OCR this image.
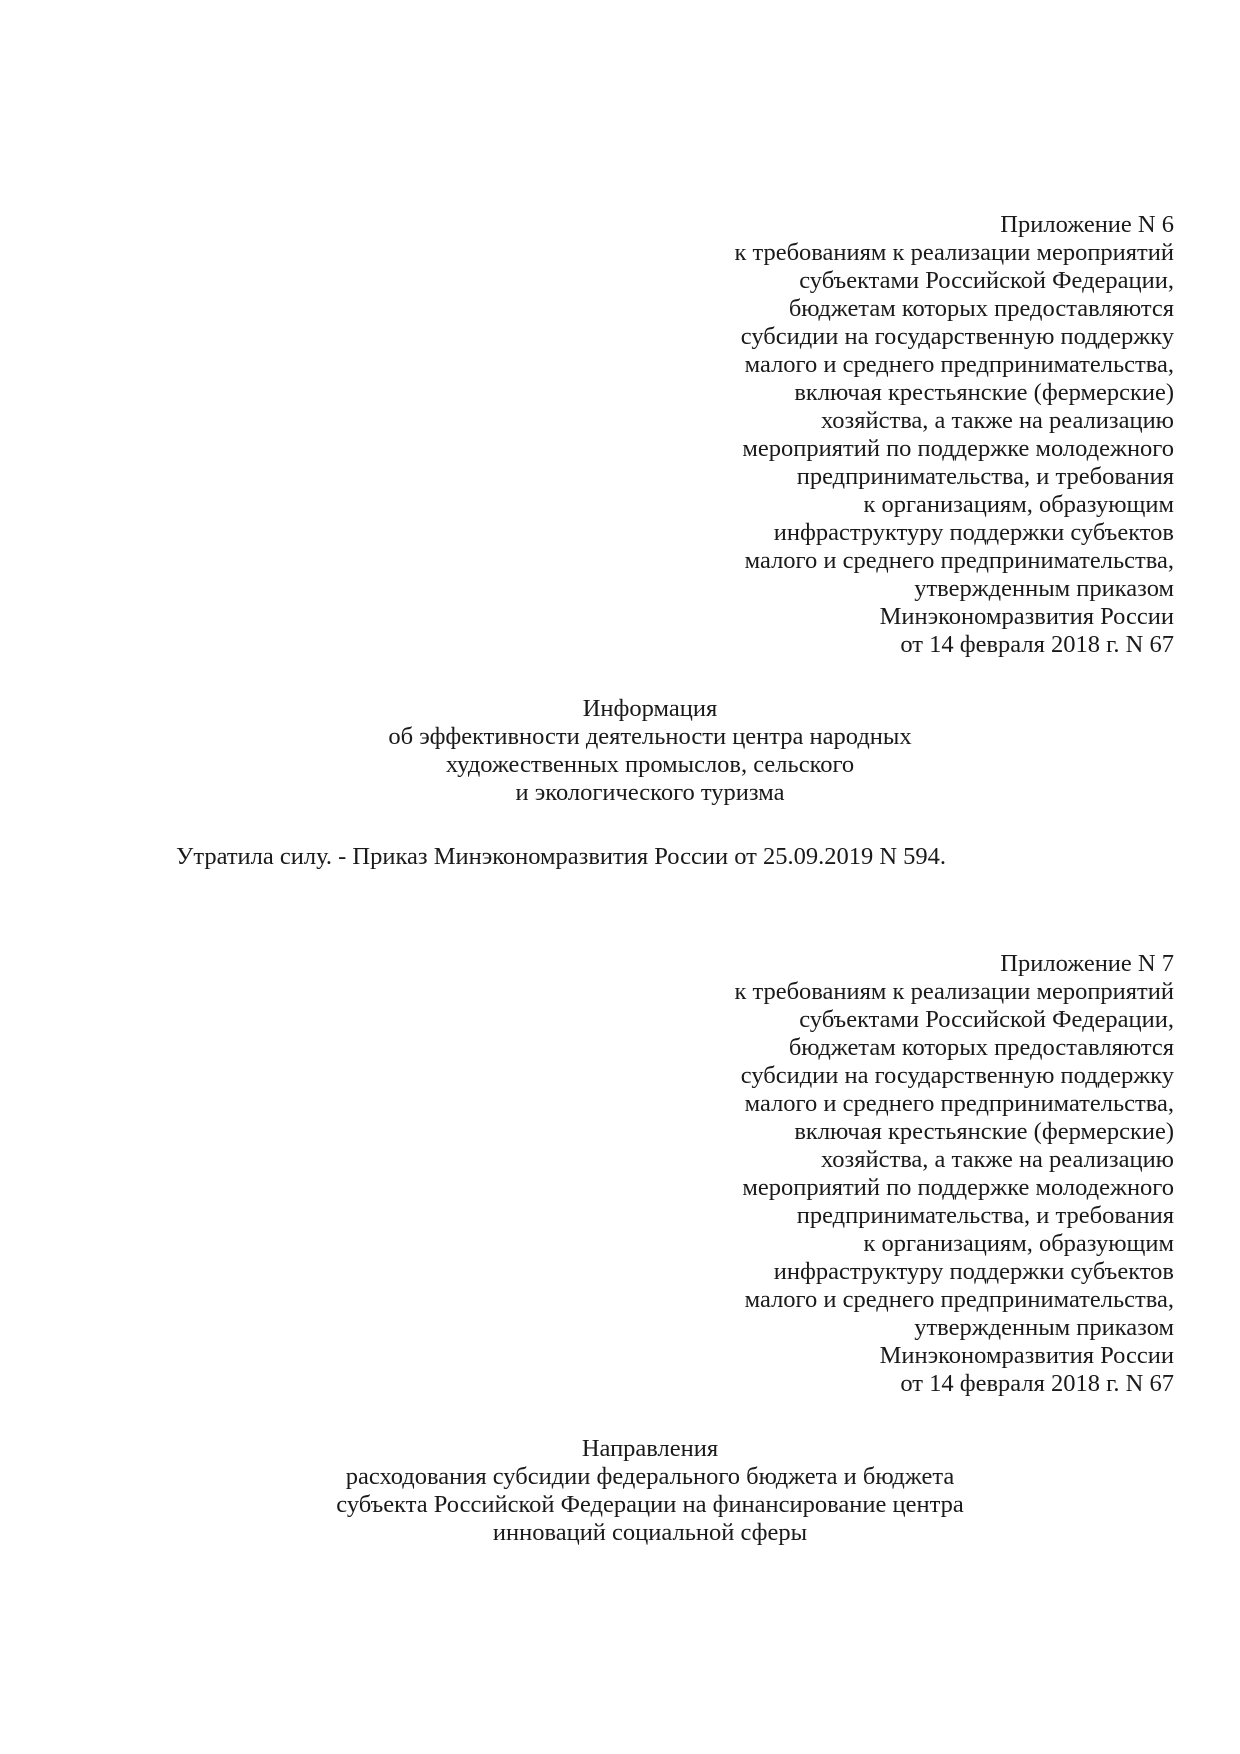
Приложение N 6
к требованиям к реализации мероприятий
субъектами Российской Федерации,
бюджетам которых предоставляются
субсидии на государственную поддержку
малого и среднего предпринимательства,
включая крестьянские (фермерские)
хозяйства, а также на реализацию
мероприятий по поддержке молодежного
предпринимательства, и требования
к организациям, образующим
инфраструктуру поддержки субъектов
малого и среднего предпринимательства,
утвержденным приказом
Минэкономразвития России
от 14 февраля 2018 г. N 67
Информация
об эффективности деятельности центра народных
художественных промыслов, сельского
и экологического туризма
Утратила силу. - Приказ Минэкономразвития России от 25.09.2019 N 594.
Приложение N 7
к требованиям к реализации мероприятий
субъектами Российской Федерации,
бюджетам которых предоставляются
субсидии на государственную поддержку
малого и среднего предпринимательства,
включая крестьянские (фермерские)
хозяйства, а также на реализацию
мероприятий по поддержке молодежного
предпринимательства, и требования
к организациям, образующим
инфраструктуру поддержки субъектов
малого и среднего предпринимательства,
утвержденным приказом
Минэкономразвития России
от 14 февраля 2018 г. N 67
Направления
расходования субсидии федерального бюджета и бюджета
субъекта Российской Федерации на финансирование центра
инноваций социальной сферы
